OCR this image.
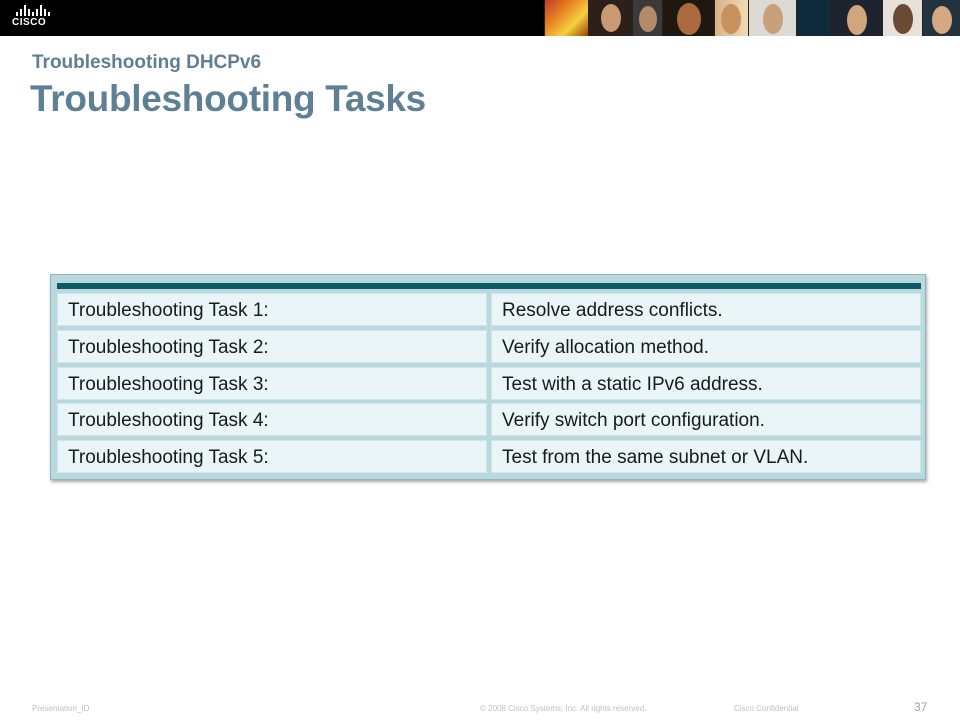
CISCO
Troubleshooting DHCPv6
Troubleshooting Tasks
Troubleshooting Task 1:	Resolve address conflicts.
Troubleshooting Task 2:	Verify allocation method.
Troubleshooting Task 3:	Test with a static IPv6 address.
Troubleshooting Task 4:	Verify switch port configuration.
Troubleshooting Task 5:	Test from the same subnet or VLAN.
Presentation_ID	© 2008 Cisco Systems, Inc. All rights reserved.	Cisco Confidential	37
